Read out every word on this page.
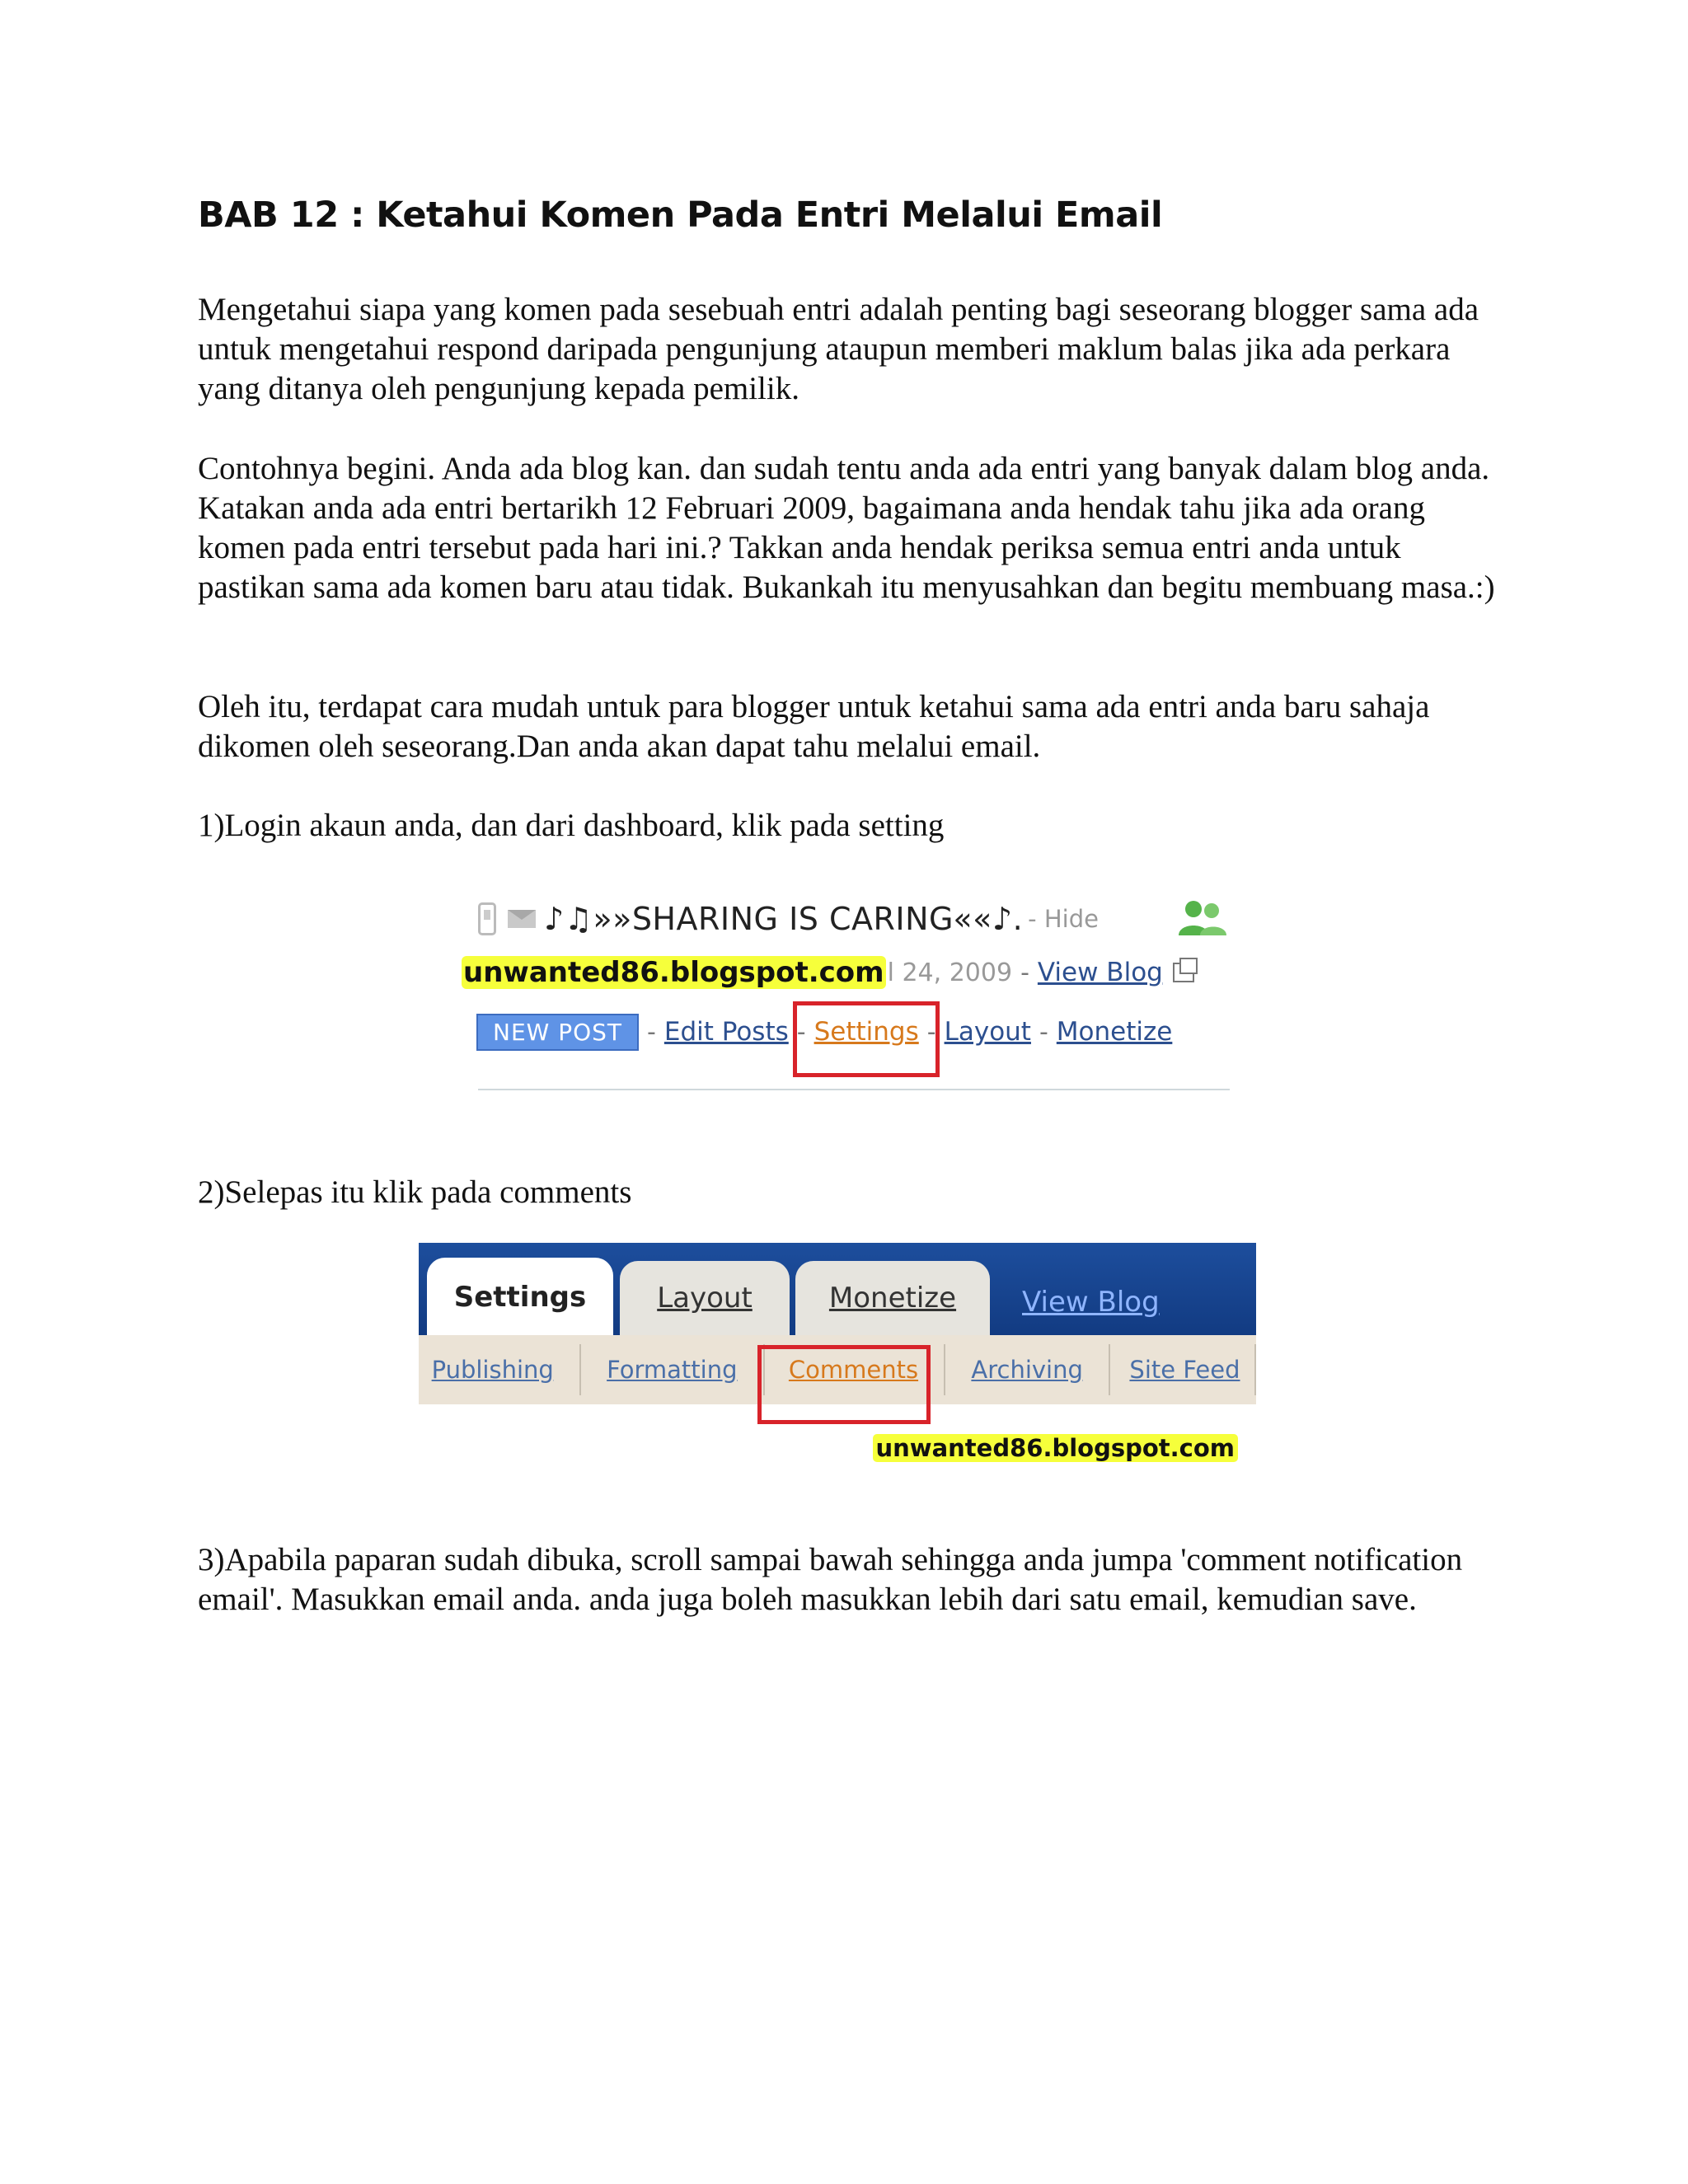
BAB 12 : Ketahui Komen Pada Entri Melalui Email

Mengetahui siapa yang komen pada sesebuah entri adalah penting bagi seseorang blogger sama ada untuk mengetahui respond daripada pengunjung ataupun memberi maklum balas jika ada perkara yang ditanya oleh pengunjung kepada pemilik.

Contohnya begini. Anda ada blog kan. dan sudah tentu anda ada entri yang banyak dalam blog anda. Katakan anda ada entri bertarikh 12 Februari 2009, bagaimana anda hendak tahu jika ada orang komen pada entri tersebut pada hari ini.? Takkan anda hendak periksa semua entri anda untuk pastikan sama ada komen baru atau tidak. Bukankah itu menyusahkan dan begitu membuang masa.:)

Oleh itu, terdapat cara mudah untuk para blogger untuk ketahui sama ada entri anda baru sahaja dikomen oleh seseorang.Dan anda akan dapat tahu melalui email.

1)Login akaun anda, dan dari dashboard, klik pada setting

♪♫»»SHARING IS CARING««♪. - Hide
unwanted86.blogspot.com l 24, 2009 - View Blog
NEW POST	- Edit Posts - Settings - Layout - Monetize

2)Selepas itu klik pada comments

Settings	Layout	Monetize View Blog
Publishing Formatting Comments Archiving Site Feed
unwanted86.blogspot.com

3)Apabila paparan sudah dibuka, scroll sampai bawah sehingga anda jumpa 'comment notification email'. Masukkan email anda. anda juga boleh masukkan lebih dari satu email, kemudian save.
